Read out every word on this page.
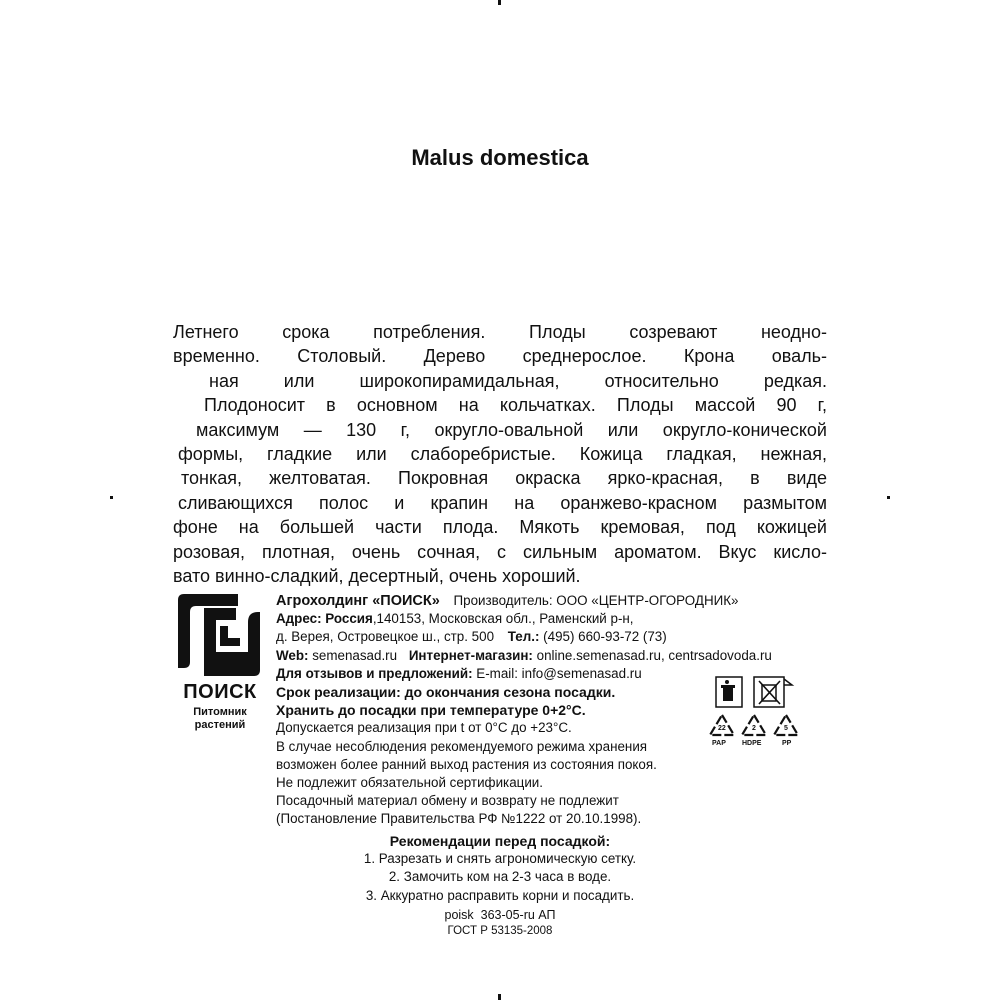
Malus domestica
Летнего срока потребления. Плоды созревают неодно-
временно. Столовый. Дерево среднерослое. Крона оваль-
ная или широкопирамидальная, относительно редкая.
Плодоносит в основном на кольчатках. Плоды массой 90 г,
максимум — 130 г, округло-овальной или округло-конической
формы, гладкие или слаборебристые. Кожица гладкая, нежная,
тонкая, желтоватая. Покровная окраска ярко-красная, в виде
сливающихся полос и крапин на оранжево-красном размытом
фоне на большей части плода. Мякоть кремовая, под кожицей
розовая, плотная, очень сочная, с сильным ароматом. Вкус кисло-
вато винно-сладкий, десертный, очень хороший.
ПОИСК
Питомник
растений
Агрохолдинг «ПОИСК» Производитель: ООО «ЦЕНТР-ОГОРОДНИК»
Адрес: Россия,140153, Московская обл., Раменский р-н,
д. Верея, Островецкое ш., стр. 500 Тел.: (495) 660-93-72 (73)
Web: semenasad.ru Интернет-магазин: online.semenasad.ru, centrsadovoda.ru
Для отзывов и предложений: E-mail: info@semenasad.ru
Срок реализации: до окончания сезона посадки.
Хранить до посадки при температуре 0+2°С.
Допускается реализация при t от 0°С до +23°С.
В случае несоблюдения рекомендуемого режима хранения
возможен более ранний выход растения из состояния покоя.
Не подлежит обязательной сертификации.
Посадочный материал обмену и возврату не подлежит
(Постановление Правительства РФ №1222 от 20.10.1998).
22
PAP
2
HDPE
5
PP
Рекомендации перед посадкой:
1. Разрезать и снять агрономическую сетку.
2. Замочить ком на 2-3 часа в воде.
3. Аккуратно расправить корни и посадить.
poisk  363-05-ru АП
ГОСТ Р 53135-2008
